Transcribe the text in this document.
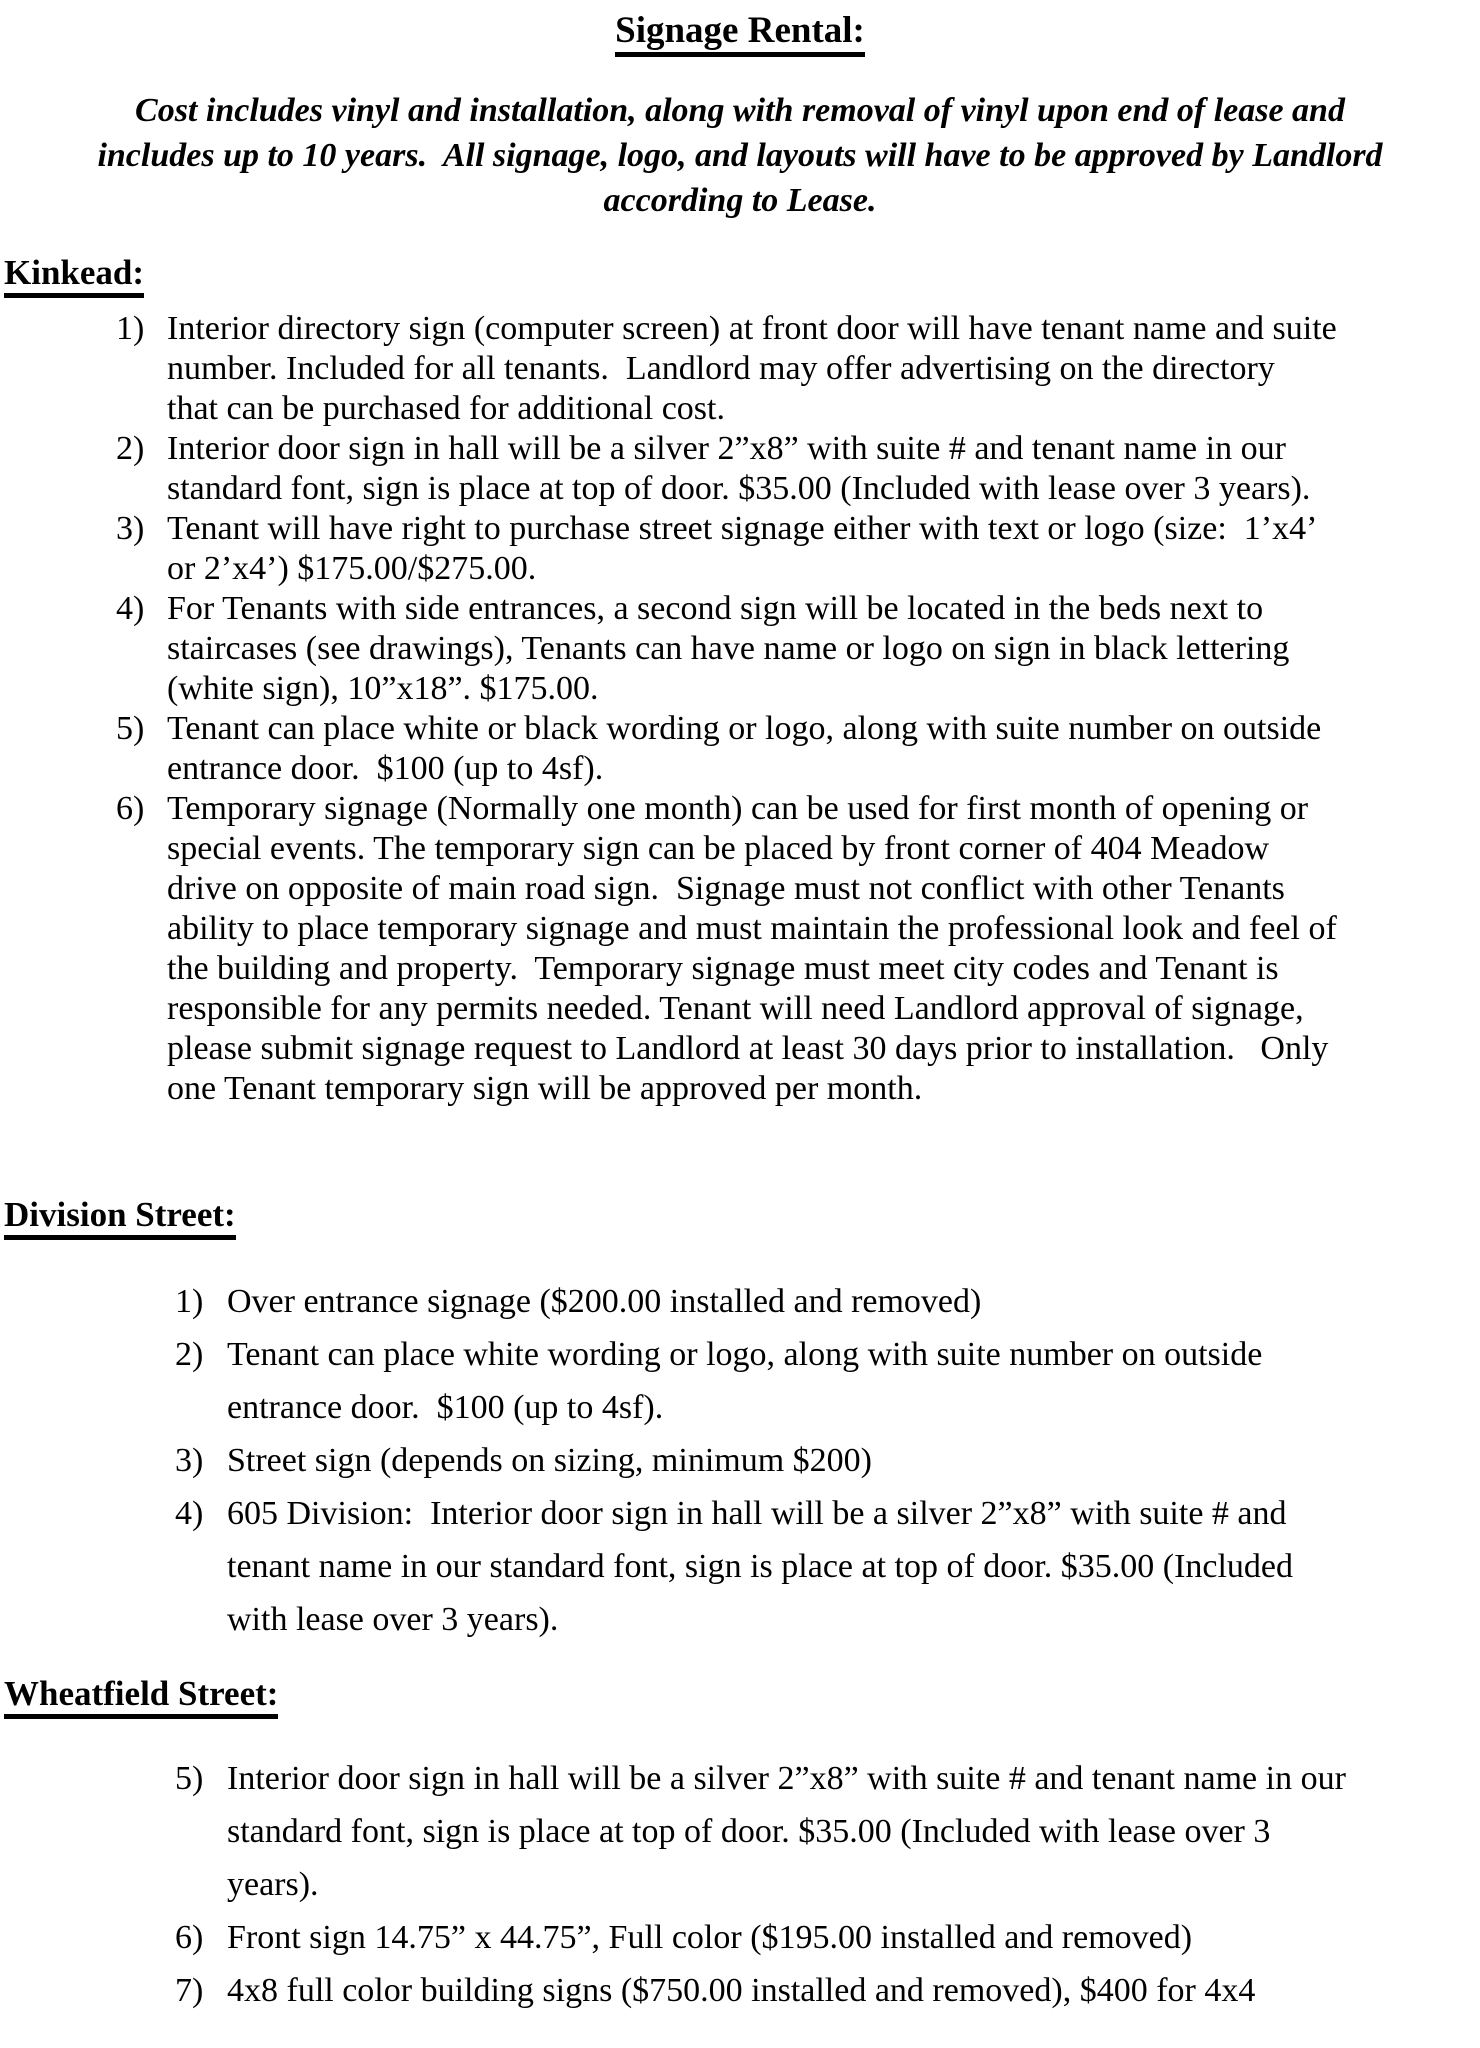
Signage Rental:
Cost includes vinyl and installation, along with removal of vinyl upon end of lease and
includes up to 10 years.  All signage, logo, and layouts will have to be approved by Landlord
according to Lease.
Kinkead:
1) Interior directory sign (computer screen) at front door will have tenant name and suite
number. Included for all tenants.  Landlord may offer advertising on the directory
that can be purchased for additional cost.
2) Interior door sign in hall will be a silver 2”x8” with suite # and tenant name in our
standard font, sign is place at top of door. $35.00 (Included with lease over 3 years).
3) Tenant will have right to purchase street signage either with text or logo (size:  1’x4’
or 2’x4’) $175.00/$275.00.
4) For Tenants with side entrances, a second sign will be located in the beds next to
staircases (see drawings), Tenants can have name or logo on sign in black lettering
(white sign), 10”x18”. $175.00.
5) Tenant can place white or black wording or logo, along with suite number on outside
entrance door.  $100 (up to 4sf).
6) Temporary signage (Normally one month) can be used for first month of opening or
special events. The temporary sign can be placed by front corner of 404 Meadow
drive on opposite of main road sign.  Signage must not conflict with other Tenants
ability to place temporary signage and must maintain the professional look and feel of
the building and property.  Temporary signage must meet city codes and Tenant is
responsible for any permits needed. Tenant will need Landlord approval of signage,
please submit signage request to Landlord at least 30 days prior to installation.   Only
one Tenant temporary sign will be approved per month.
Division Street:
1) Over entrance signage ($200.00 installed and removed)
2) Tenant can place white wording or logo, along with suite number on outside
entrance door.  $100 (up to 4sf).
3) Street sign (depends on sizing, minimum $200)
4) 605 Division:  Interior door sign in hall will be a silver 2”x8” with suite # and
tenant name in our standard font, sign is place at top of door. $35.00 (Included
with lease over 3 years).
Wheatfield Street:
5) Interior door sign in hall will be a silver 2”x8” with suite # and tenant name in our
standard font, sign is place at top of door. $35.00 (Included with lease over 3
years).
6) Front sign 14.75” x 44.75”, Full color ($195.00 installed and removed)
7) 4x8 full color building signs ($750.00 installed and removed), $400 for 4x4
